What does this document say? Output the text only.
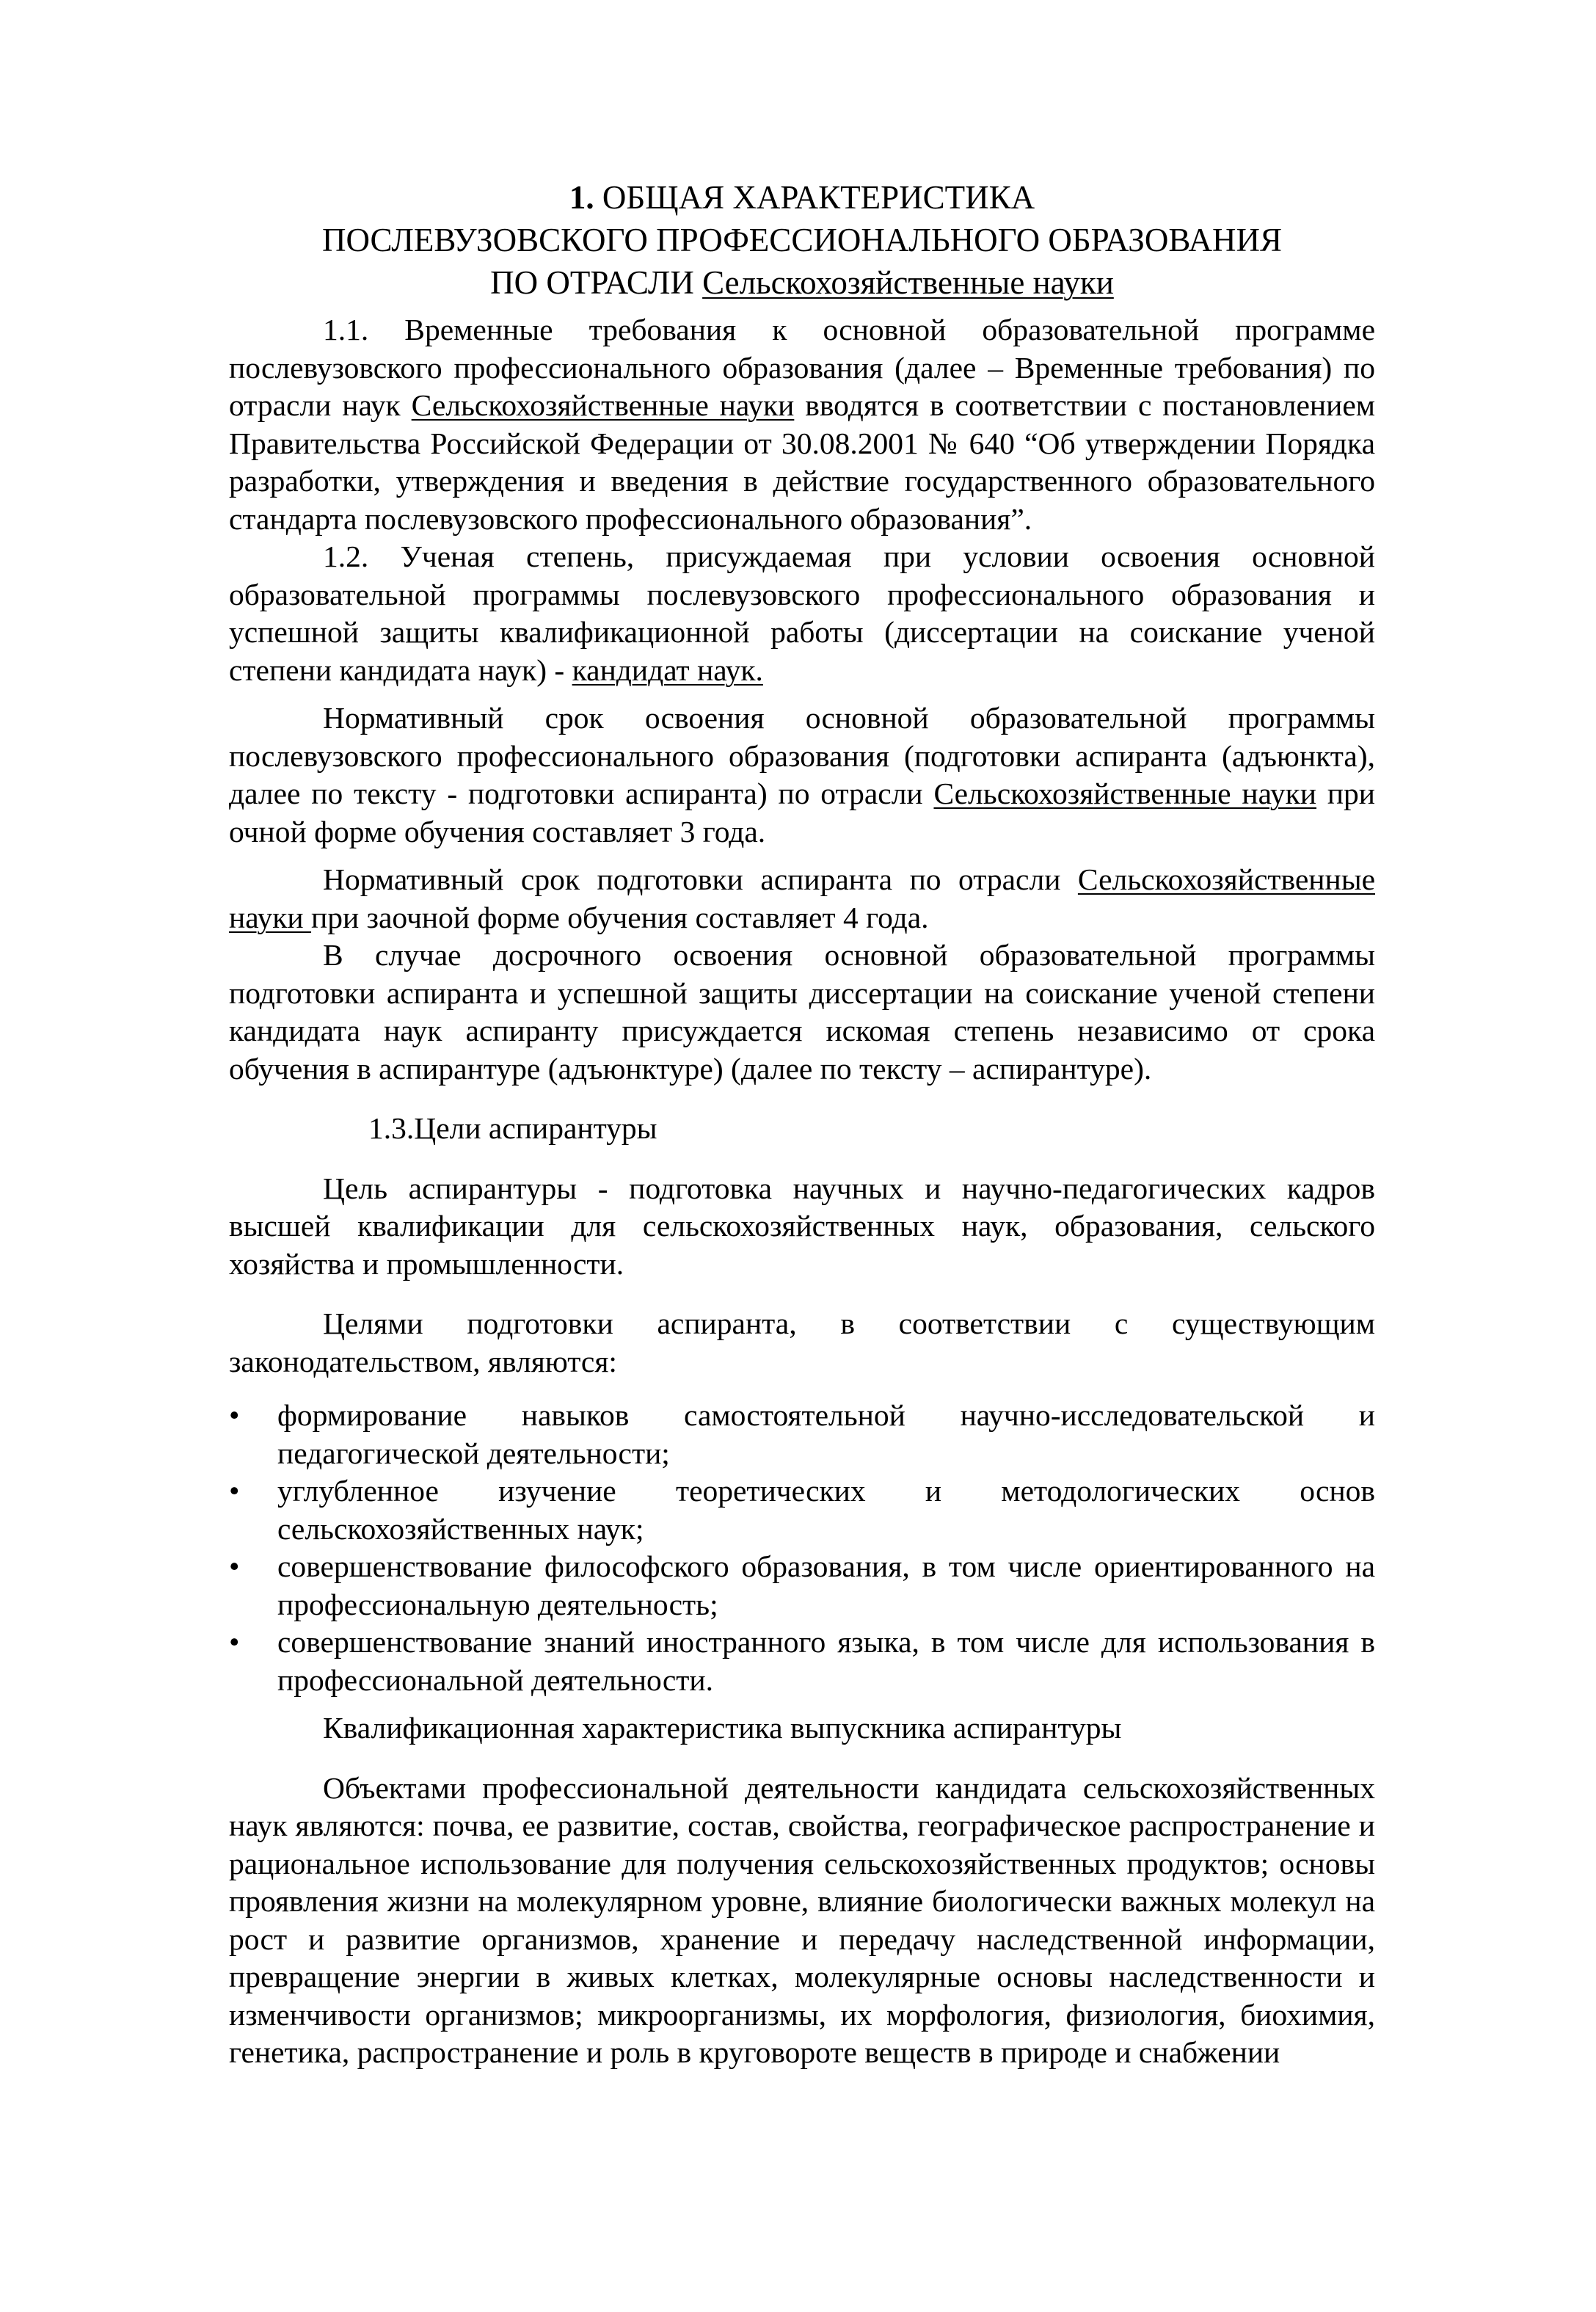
1. ОБЩАЯ ХАРАКТЕРИСТИКА
ПОСЛЕВУЗОВСКОГО ПРОФЕССИОНАЛЬНОГО ОБРАЗОВАНИЯ
ПО ОТРАСЛИ Сельскохозяйственные науки

1.1. Временные требования к основной образовательной программе послевузовского профессионального образования (далее – Временные требования) по отрасли наук Сельскохозяйственные науки вводятся в соответствии с постановлением Правительства Российской Федерации от 30.08.2001 № 640 “Об утверждении Порядка разработки, утверждения и введения в действие государственного образовательного стандарта послевузовского профессионального образования”.

1.2. Ученая степень, присуждаемая при условии освоения основной образовательной программы послевузовского профессионального образования и успешной защиты квалификационной работы (диссертации на соискание ученой степени кандидата наук) - кандидат наук.

Нормативный срок освоения основной образовательной программы послевузовского профессионального образования (подготовки аспиранта (адъюнкта), далее по тексту - подготовки аспиранта) по отрасли Сельскохозяйственные науки при очной форме обучения составляет 3 года.

Нормативный срок подготовки аспиранта по отрасли Сельскохозяйственные науки при заочной форме обучения составляет 4 года.

В случае досрочного освоения основной образовательной программы подготовки аспиранта и успешной защиты диссертации на соискание ученой степени кандидата наук аспиранту присуждается искомая степень независимо от срока обучения в аспирантуре (адъюнктуре) (далее по тексту – аспирантуре).

1.3.Цели аспирантуры

Цель аспирантуры - подготовка научных и научно-педагогических кадров высшей квалификации для сельскохозяйственных наук, образования, сельского хозяйства и промышленности.

Целями подготовки аспиранта, в соответствии с существующим законодательством, являются:

• формирование навыков самостоятельной научно-исследовательской и педагогической деятельности;
• углубленное изучение теоретических и методологических основ сельскохозяйственных наук;
• совершенствование философского образования, в том числе ориентированного на профессиональную деятельность;
• совершенствование знаний иностранного языка, в том числе для использования в профессиональной деятельности.

Квалификационная характеристика выпускника аспирантуры

Объектами профессиональной деятельности кандидата сельскохозяйственных наук являются: почва, ее развитие, состав, свойства, географическое распространение и рациональное использование для получения сельскохозяйственных продуктов; основы проявления жизни на молекулярном уровне, влияние биологически важных молекул на рост и развитие организмов, хранение и передачу наследственной информации, превращение энергии в живых клетках, молекулярные основы наследственности и изменчивости организмов; микроорганизмы, их морфология, физиология, биохимия, генетика, распространение и роль в круговороте веществ в природе и снабжении
